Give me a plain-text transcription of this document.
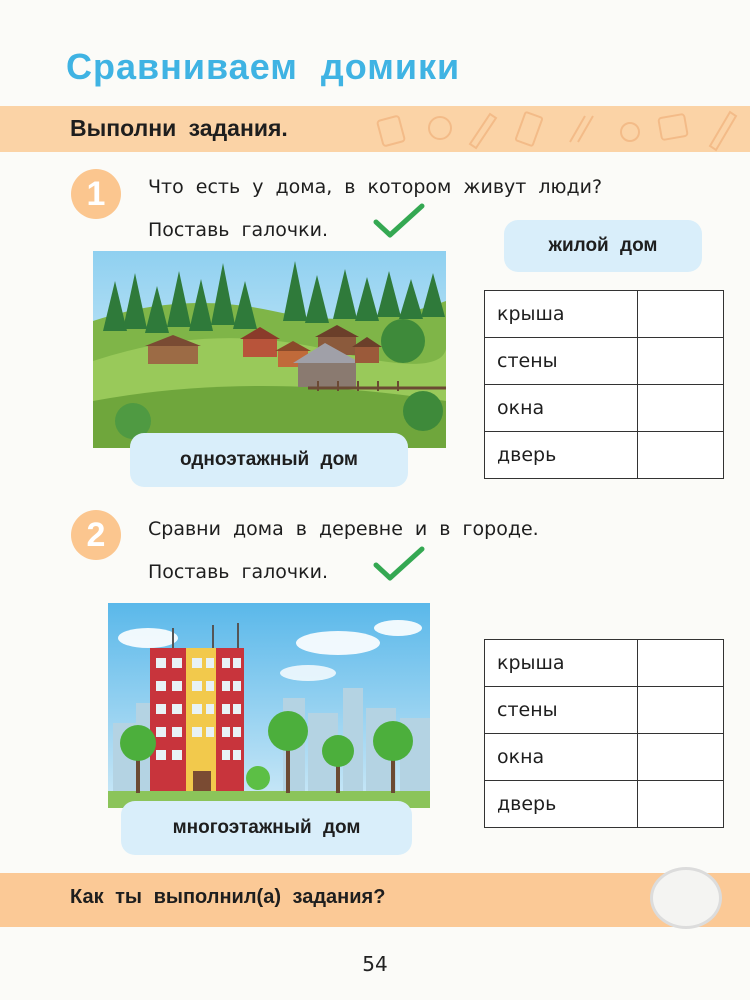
Сравниваем домики
Выполни задания.
1	Что есть у дома, в котором живут люди?
Поставь галочки.
жилой дом
одноэтажный дом
крыша	
стены	
окна	
дверь	
2	Сравни дома в деревне и в городе.
Поставь галочки.
многоэтажный дом
крыша	
стены	
окна	
дверь	
Как ты выполнил(а) задания?
54
